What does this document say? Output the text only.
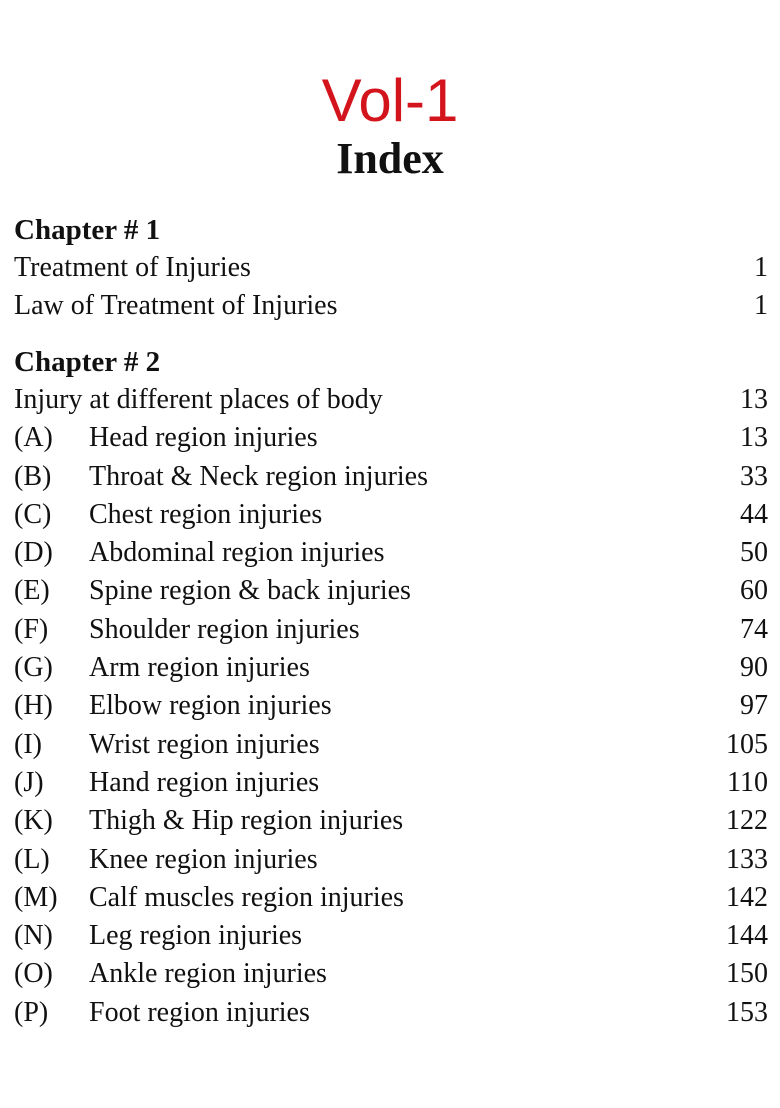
Vol-1
Index
Chapter # 1
Treatment of Injuries	1
Law of Treatment of Injuries	1
Chapter # 2
Injury at different places of body	13
(A) Head region injuries	13
(B) Throat & Neck region injuries	33
(C) Chest region injuries	44
(D) Abdominal region injuries	50
(E) Spine region & back injuries	60
(F) Shoulder region injuries	74
(G) Arm region injuries	90
(H) Elbow region injuries	97
(I) Wrist region injuries	105
(J) Hand region injuries	110
(K) Thigh & Hip region injuries	122
(L) Knee region injuries	133
(M) Calf muscles region injuries	142
(N) Leg region injuries	144
(O) Ankle region injuries	150
(P) Foot region injuries	153
